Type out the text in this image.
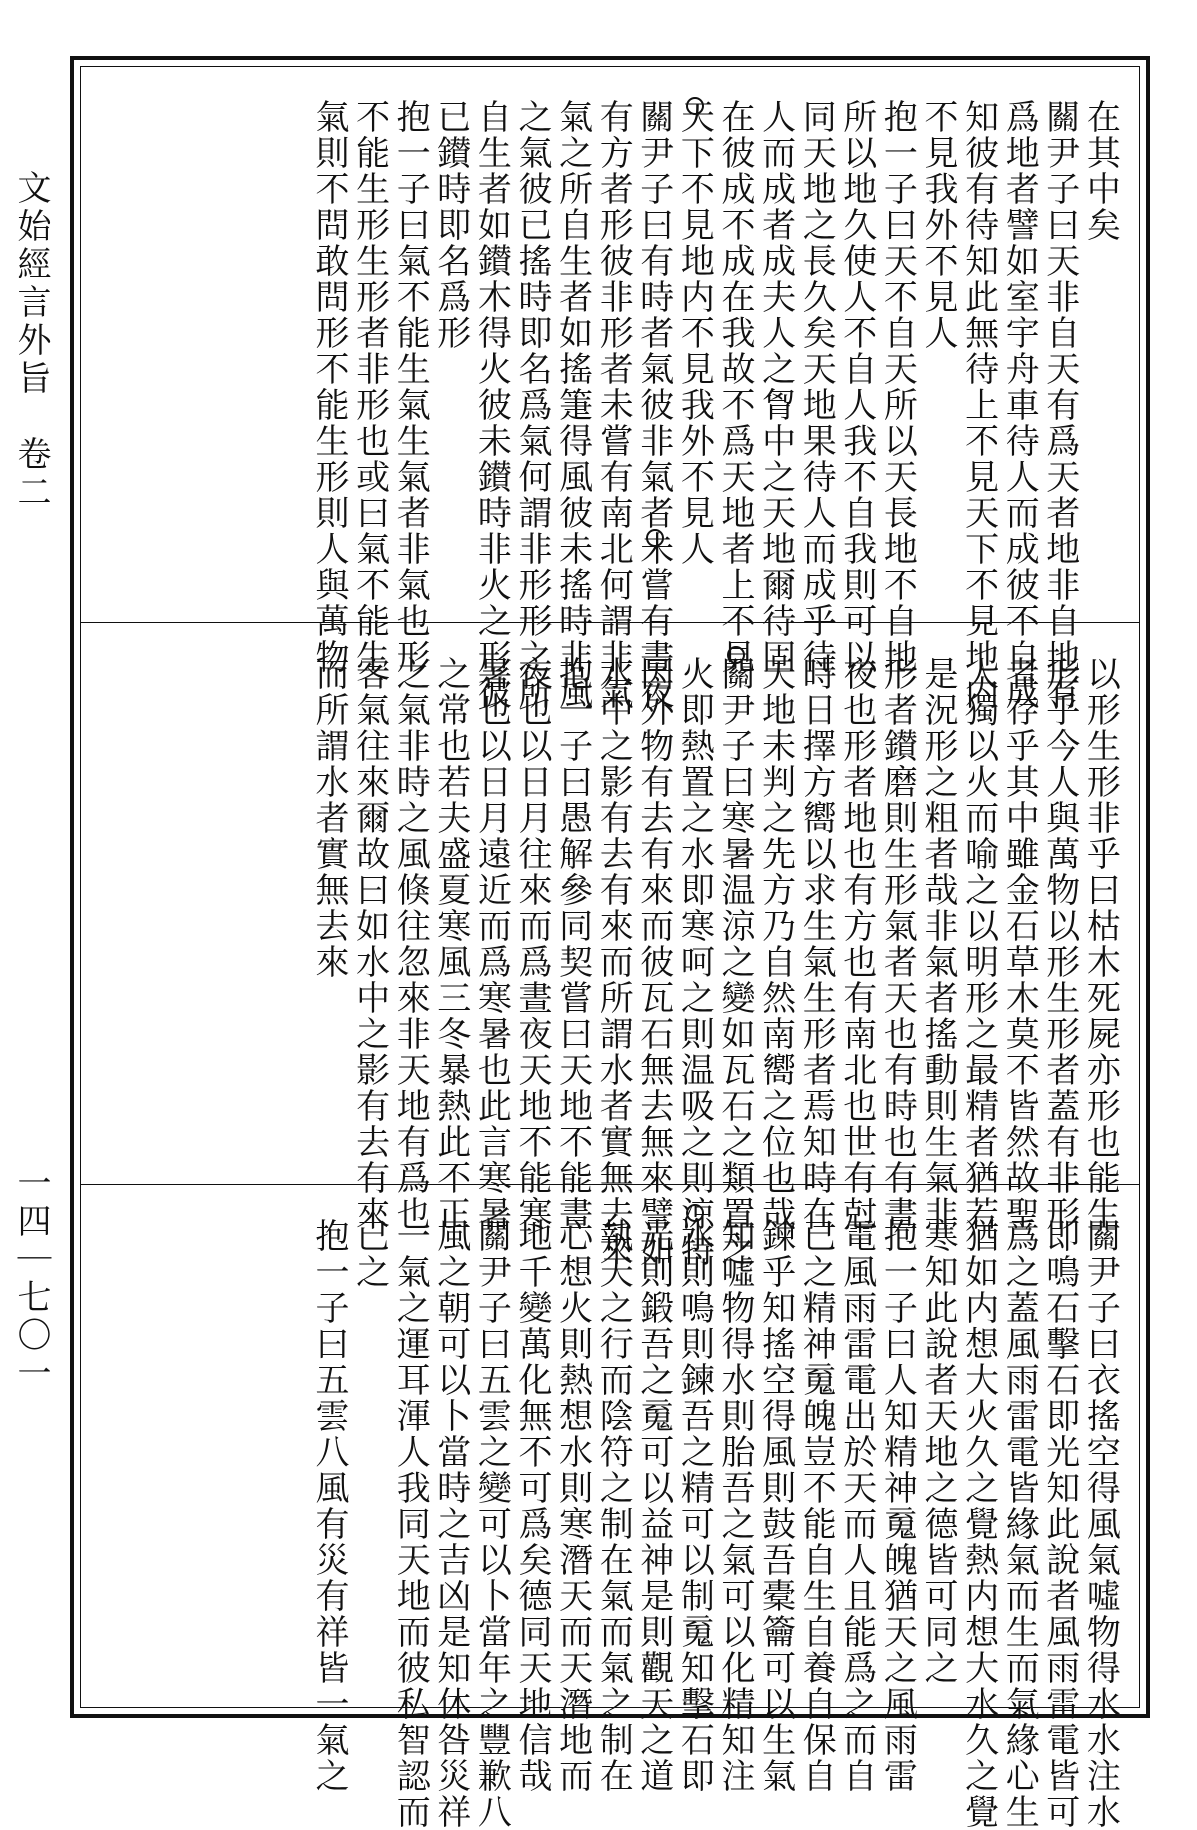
文始經言外旨　卷二
一四｜七〇一
在其中矣
關尹子曰天非自天有爲天者地非自地有
爲地者譬如室宇舟車待人而成彼不自成
知彼有待知此無待上不見天下不見地内
不見我外不見人
抱一子曰天不自天所以天長地不自地
所以地久使人不自人我不自我則可以
同天地之長久矣天地果待人而成乎待
人而成者成夫人之胷中之天地爾待固
在彼成不成在我故不爲天地者上不見
天下不見地内不見我外不見人
關尹子曰有時者氣彼非氣者未嘗有晝夜
有方者形彼非形者未嘗有南北何謂非氣
氣之所自生者如搖箑得風彼未搖時非風
之氣彼已搖時即名爲氣何謂非形形之所
自生者如鑚木得火彼未鑚時非火之形彼
已鑚時即名爲形
抱一子曰氣不能生氣生氣者非氣也形
不能生形生形者非形也或曰氣不能生
氣則不問敢問形不能生形則人與萬物
以形生形非乎曰枯木死屍亦形也能生
形乎今人與萬物以形生形者蓋有非形
者存乎其中雖金石草木莫不皆然故聖
人獨以火而喻之以明形之最精者猶若
是況形之粗者哉非氣者搖動則生氣非
形者鑚磨則生形氣者天也有時也有晝
夜也形者地也有方也有南北也世有尅
時日擇方嚮以求生氣生形者焉知時在
天地未判之先方乃自然南嚮之位也哉
關尹子曰寒暑温涼之變如瓦石之類置之
火即熱置之水即寒呵之則温吸之則涼特
因外物有去有來而彼瓦石無去無來譬如
水中之影有去有來而所謂水者實無去來
抱一子曰愚解參同契嘗曰天地不能晝
夜也以日月往來而爲晝夜天地不能寒
暑也以日月遠近而爲寒暑也此言寒暑
之常也若夫盛夏寒風三冬暴熱此不正
之氣非時之風倏往忽來非天地有爲也
客氣往來爾故曰如水中之影有去有來
而所謂水者實無去來
關尹子曰衣搖空得風氣噓物得水水注水
即鳴石擊石即光知此說者風雨雷電皆可
爲之蓋風雨雷電皆緣氣而生而氣緣心生
猶如内想大火久之覺熱内想大水久之覺
寒知此說者天地之德皆可同之
抱一子曰人知精神䰟魄猶天之風雨雷
電風雨雷電出於天而人且能爲之而自
已之精神䰟魄豈不能自生自養自保自
鍊乎知搖空得風則鼓吾橐籥可以生氣
知噓物得水則胎吾之氣可以化精知注
水則鳴則鍊吾之精可以制䰟知擊石即
光則鍛吾之䰟可以益神是則觀天之道
執天之行而陰符之制在氣而氣之制在
心想火則熱想水則寒潛天而天潛地而
地千變萬化無不可爲矣德同天地信哉
關尹子曰五雲之變可以卜當年之豐歉八
風之朝可以卜當時之吉凶是知休咎災祥
一氣之運耳渾人我同天地而彼私智認而
已之
抱一子曰五雲八風有災有祥皆一氣之
